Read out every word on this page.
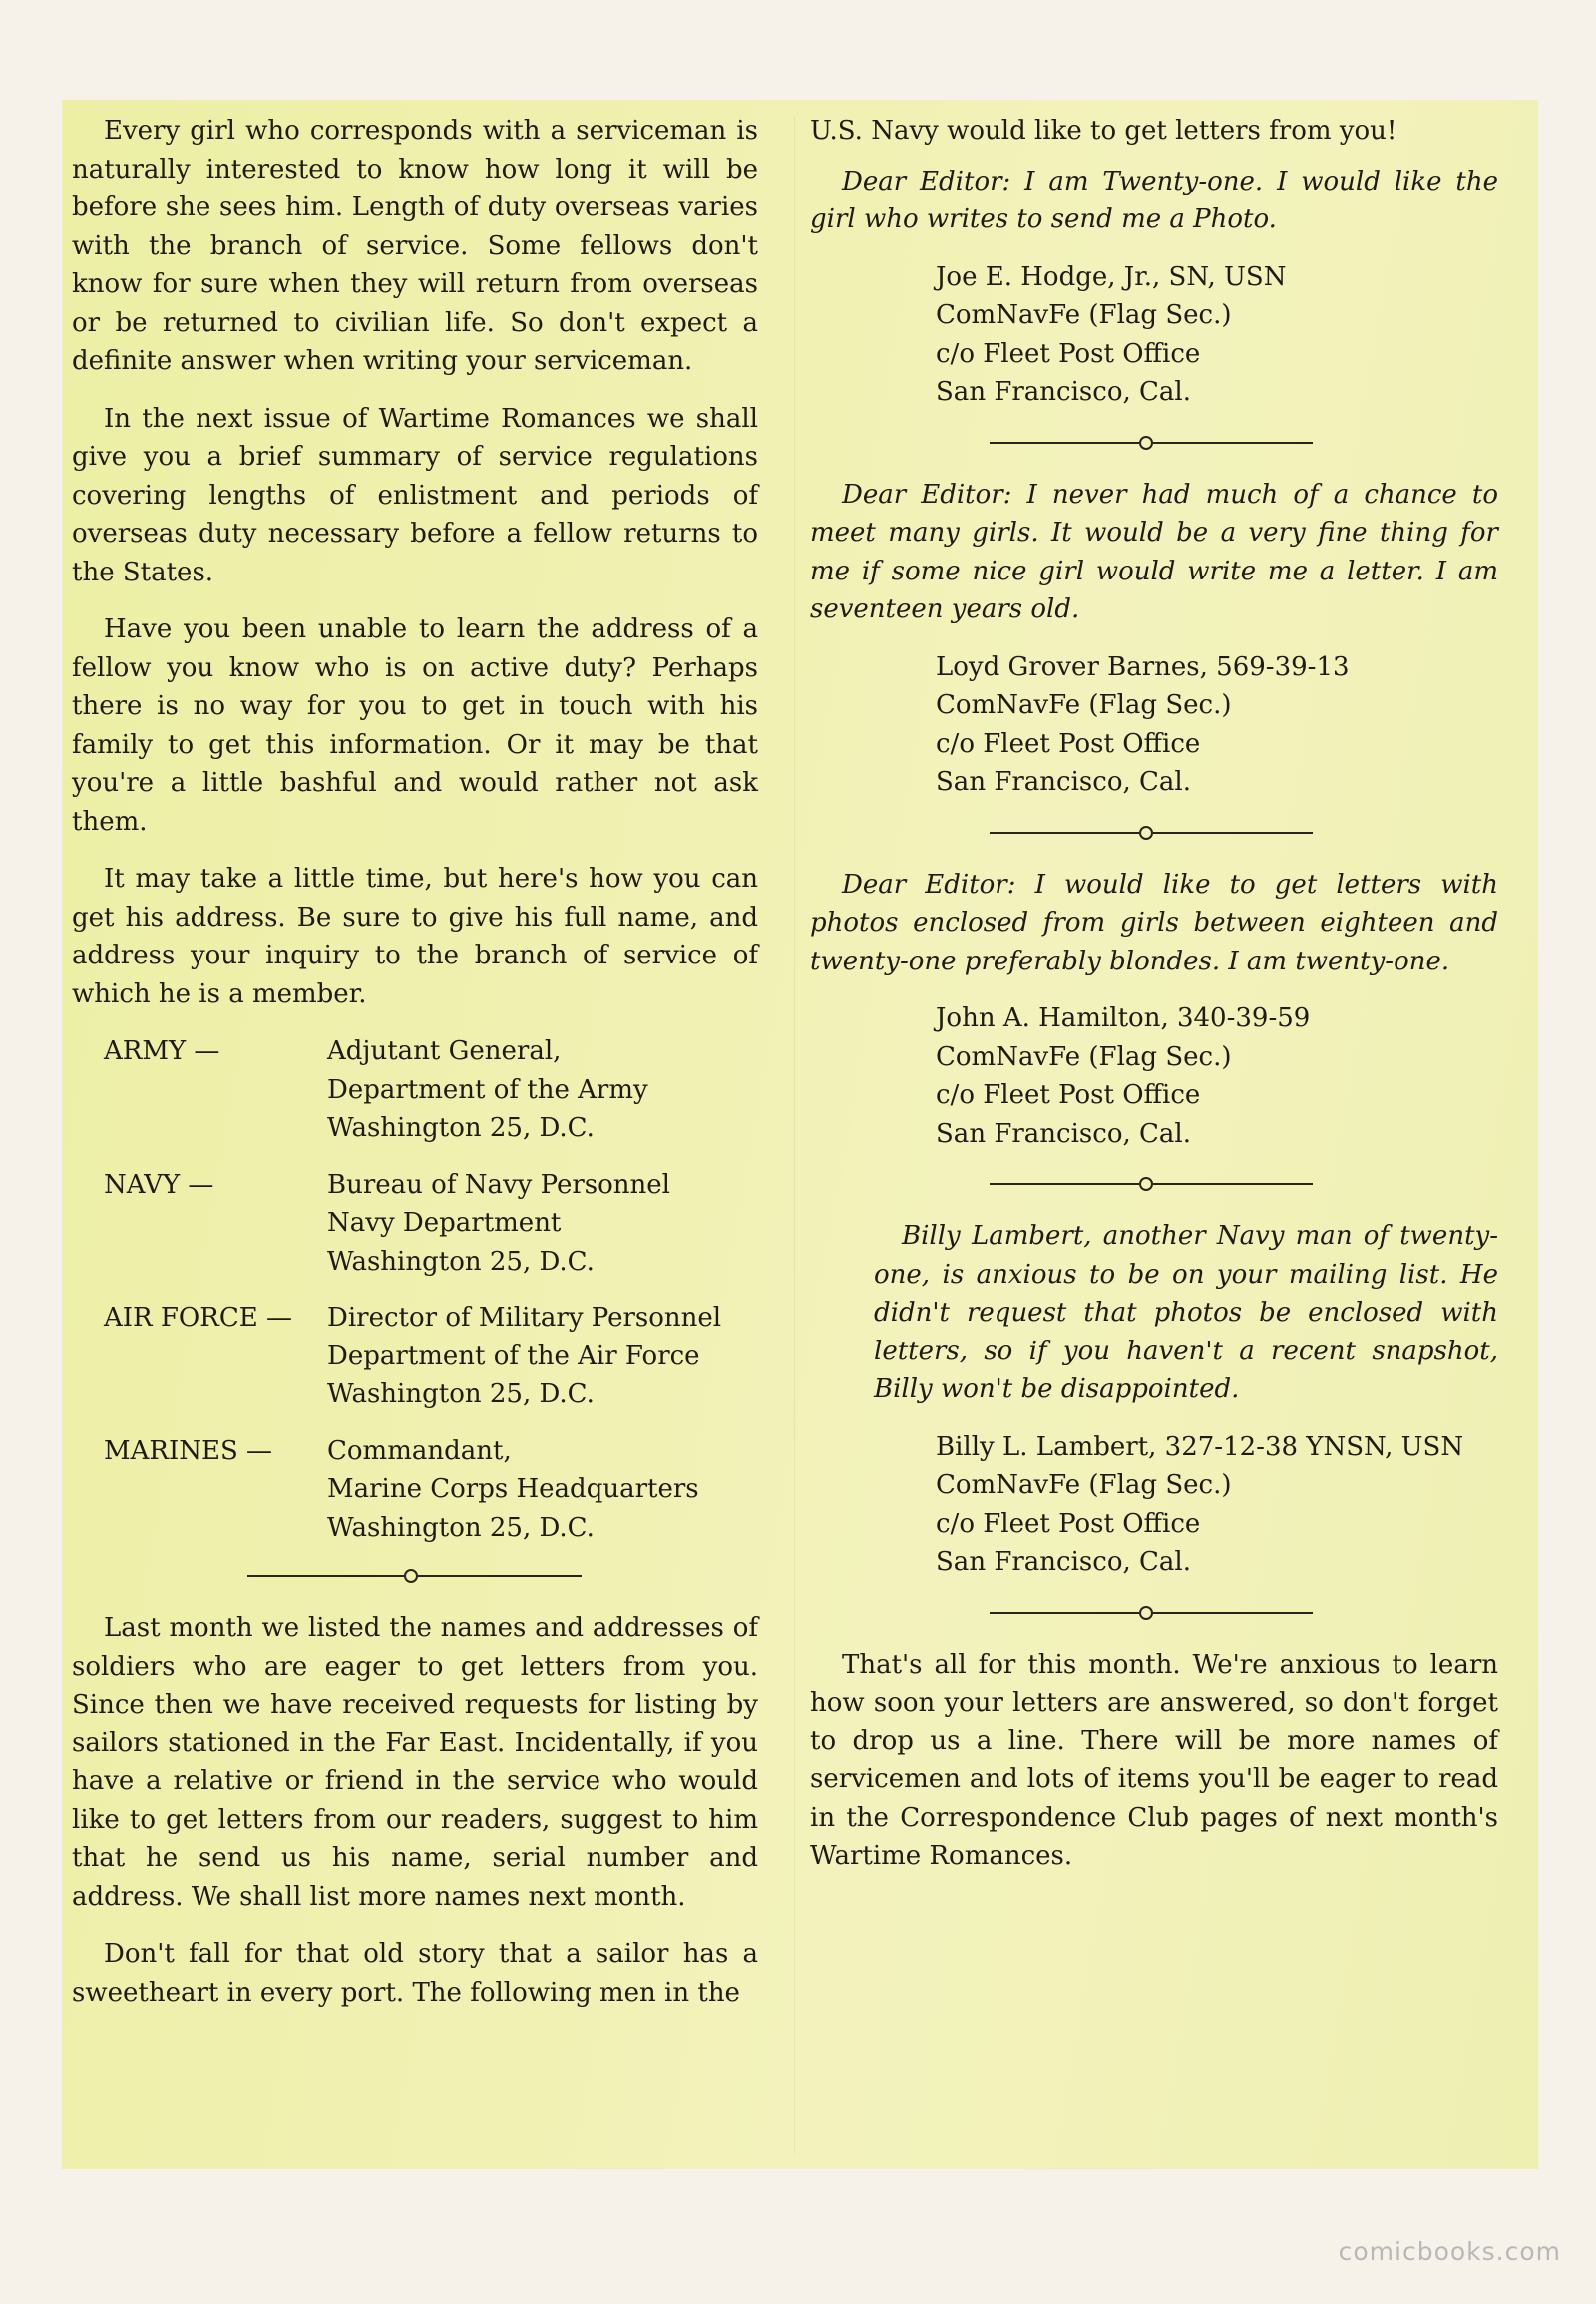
Every girl who corresponds with a serviceman is naturally interested to know how long it will be before she sees him. Length of duty overseas varies with the branch of service. Some fellows don't know for sure when they will return from overseas or be returned to civilian life. So don't expect a definite answer when writing your serviceman.

In the next issue of Wartime Romances we shall give you a brief summary of service regulations covering lengths of enlistment and periods of overseas duty necessary before a fellow returns to the States.

Have you been unable to learn the address of a fellow you know who is on active duty? Perhaps there is no way for you to get in touch with his family to get this information. Or it may be that you're a little bashful and would rather not ask them.

It may take a little time, but here's how you can get his address. Be sure to give his full name, and address your inquiry to the branch of service of which he is a member.

ARMY —	Adjutant General,
Department of the Army
Washington 25, D.C.
NAVY —	Bureau of Navy Personnel
Navy Department
Washington 25, D.C.
AIR FORCE —	Director of Military Personnel
Department of the Air Force
Washington 25, D.C.
MARINES —	Commandant,
Marine Corps Headquarters
Washington 25, D.C.

Last month we listed the names and addresses of soldiers who are eager to get letters from you. Since then we have received requests for listing by sailors stationed in the Far East. Incidentally, if you have a relative or friend in the service who would like to get letters from our readers, suggest to him that he send us his name, serial number and address. We shall list more names next month.

Don't fall for that old story that a sailor has a sweetheart in every port. The following men in the

U.S. Navy would like to get letters from you!

Dear Editor: I am Twenty-one. I would like the girl who writes to send me a Photo.

Joe E. Hodge, Jr., SN, USN
ComNavFe (Flag Sec.)
c/o Fleet Post Office
San Francisco, Cal.

Dear Editor: I never had much of a chance to meet many girls. It would be a very fine thing for me if some nice girl would write me a letter. I am seventeen years old.

Loyd Grover Barnes, 569-39-13
ComNavFe (Flag Sec.)
c/o Fleet Post Office
San Francisco, Cal.

Dear Editor: I would like to get letters with photos enclosed from girls between eighteen and twenty-one preferably blondes. I am twenty-one.

John A. Hamilton, 340-39-59
ComNavFe (Flag Sec.)
c/o Fleet Post Office
San Francisco, Cal.

Billy Lambert, another Navy man of twenty-one, is anxious to be on your mailing list. He didn't request that photos be enclosed with letters, so if you haven't a recent snapshot, Billy won't be disappointed.

Billy L. Lambert, 327-12-38 YNSN, USN
ComNavFe (Flag Sec.)
c/o Fleet Post Office
San Francisco, Cal.

That's all for this month. We're anxious to learn how soon your letters are answered, so don't forget to drop us a line. There will be more names of servicemen and lots of items you'll be eager to read in the Correspondence Club pages of next month's Wartime Romances.

comicbooks.com
